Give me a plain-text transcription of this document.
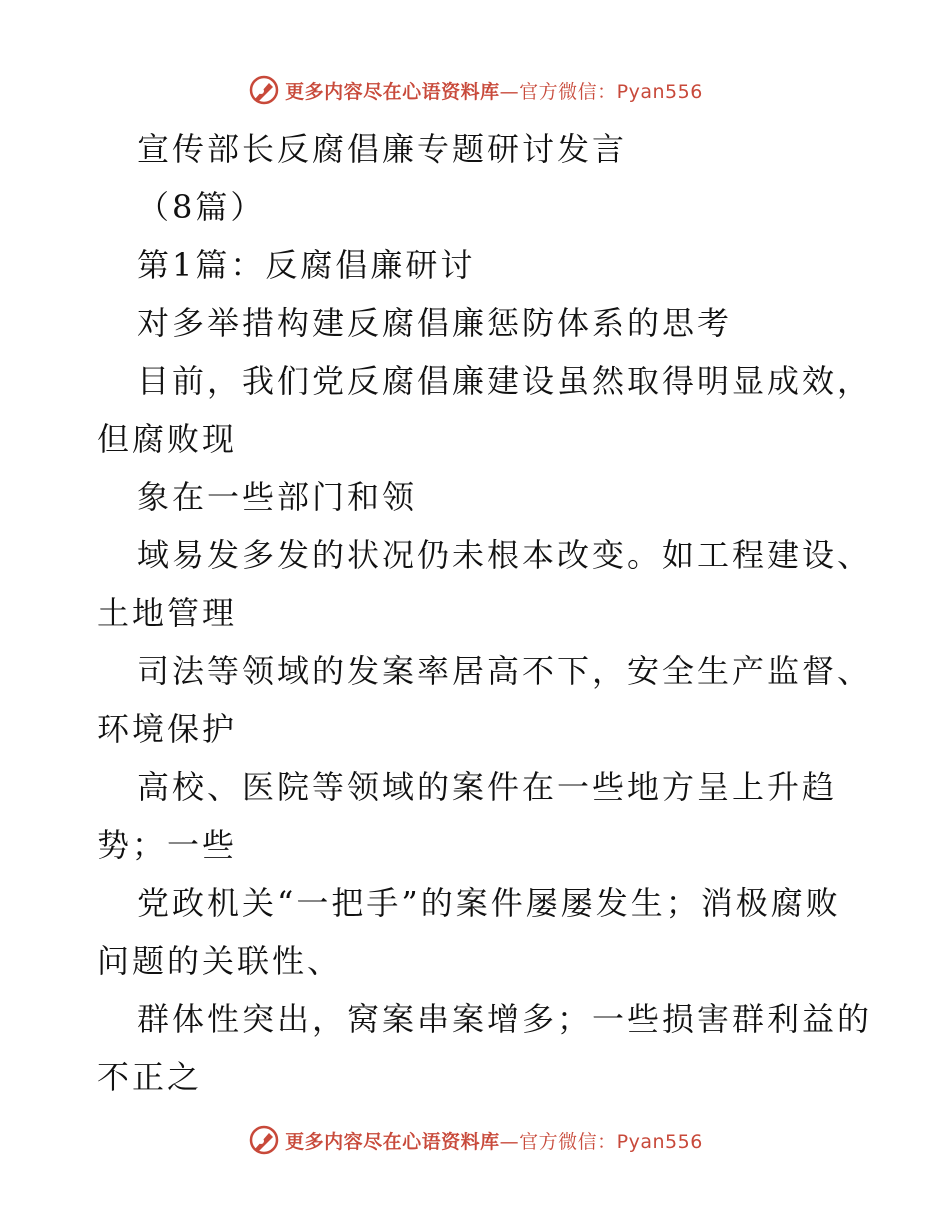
更多内容尽在心语资料库—官方微信：Pyan556
宣传部长反腐倡廉专题研讨发言
（8篇）
第1篇：反腐倡廉研讨
对多举措构建反腐倡廉惩防体系的思考
目前，我们党反腐倡廉建设虽然取得明显成效，
但腐败现
象在一些部门和领
域易发多发的状况仍未根本改变。如工程建设、
土地管理
司法等领域的发案率居高不下，安全生产监督、
环境保护
高校、医院等领域的案件在一些地方呈上升趋
势；一些
党政机关“一把手”的案件屡屡发生；消极腐败
问题的关联性、
群体性突出，窝案串案增多；一些损害群利益的
不正之
更多内容尽在心语资料库—官方微信：Pyan556
